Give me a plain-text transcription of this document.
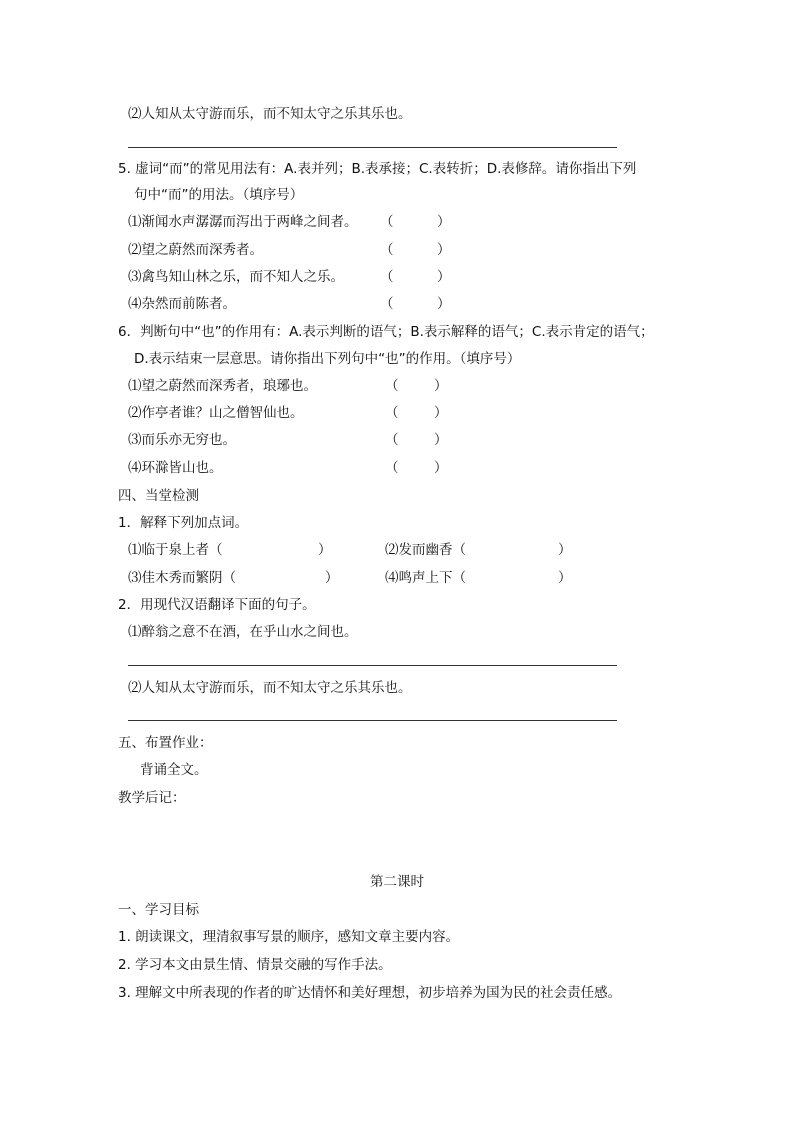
⑵人知从太守游而乐，而不知太守之乐其乐也。
5. 虚词“而”的常见用法有：A.表并列；B.表承接；C.表转折；D.表修辞。请你指出下列
句中“而”的用法。（填序号）
⑴渐闻水声潺潺而泻出于两峰之间者。 （	）
⑵望之蔚然而深秀者。	（	）
⑶禽鸟知山林之乐，而不知人之乐。	（	）
⑷杂然而前陈者。	（	）
6．判断句中“也”的作用有：A.表示判断的语气；B.表示解释的语气；C.表示肯定的语气；
D.表示结束一层意思。请你指出下列句中“也”的作用。（填序号）
⑴望之蔚然而深秀者，琅琊也。	（	）
⑵作亭者谁？山之僧智仙也。	（	）
⑶而乐亦无穷也。	（	）
⑷环滁皆山也。	（	）
四、当堂检测
1．解释下列加点词。
⑴临于泉上者（	）	⑵发而幽香（	）
⑶佳木秀而繁阴（	）	⑷鸣声上下（	）
2．用现代汉语翻译下面的句子。
⑴醉翁之意不在酒，在乎山水之间也。
⑵人知从太守游而乐，而不知太守之乐其乐也。
五、布置作业：
背诵全文。
教学后记：
第二课时
一、学习目标
1. 朗读课文，理清叙事写景的顺序，感知文章主要内容。
2. 学习本文由景生情、情景交融的写作手法。
3. 理解文中所表现的作者的旷达情怀和美好理想，初步培养为国为民的社会责任感。
